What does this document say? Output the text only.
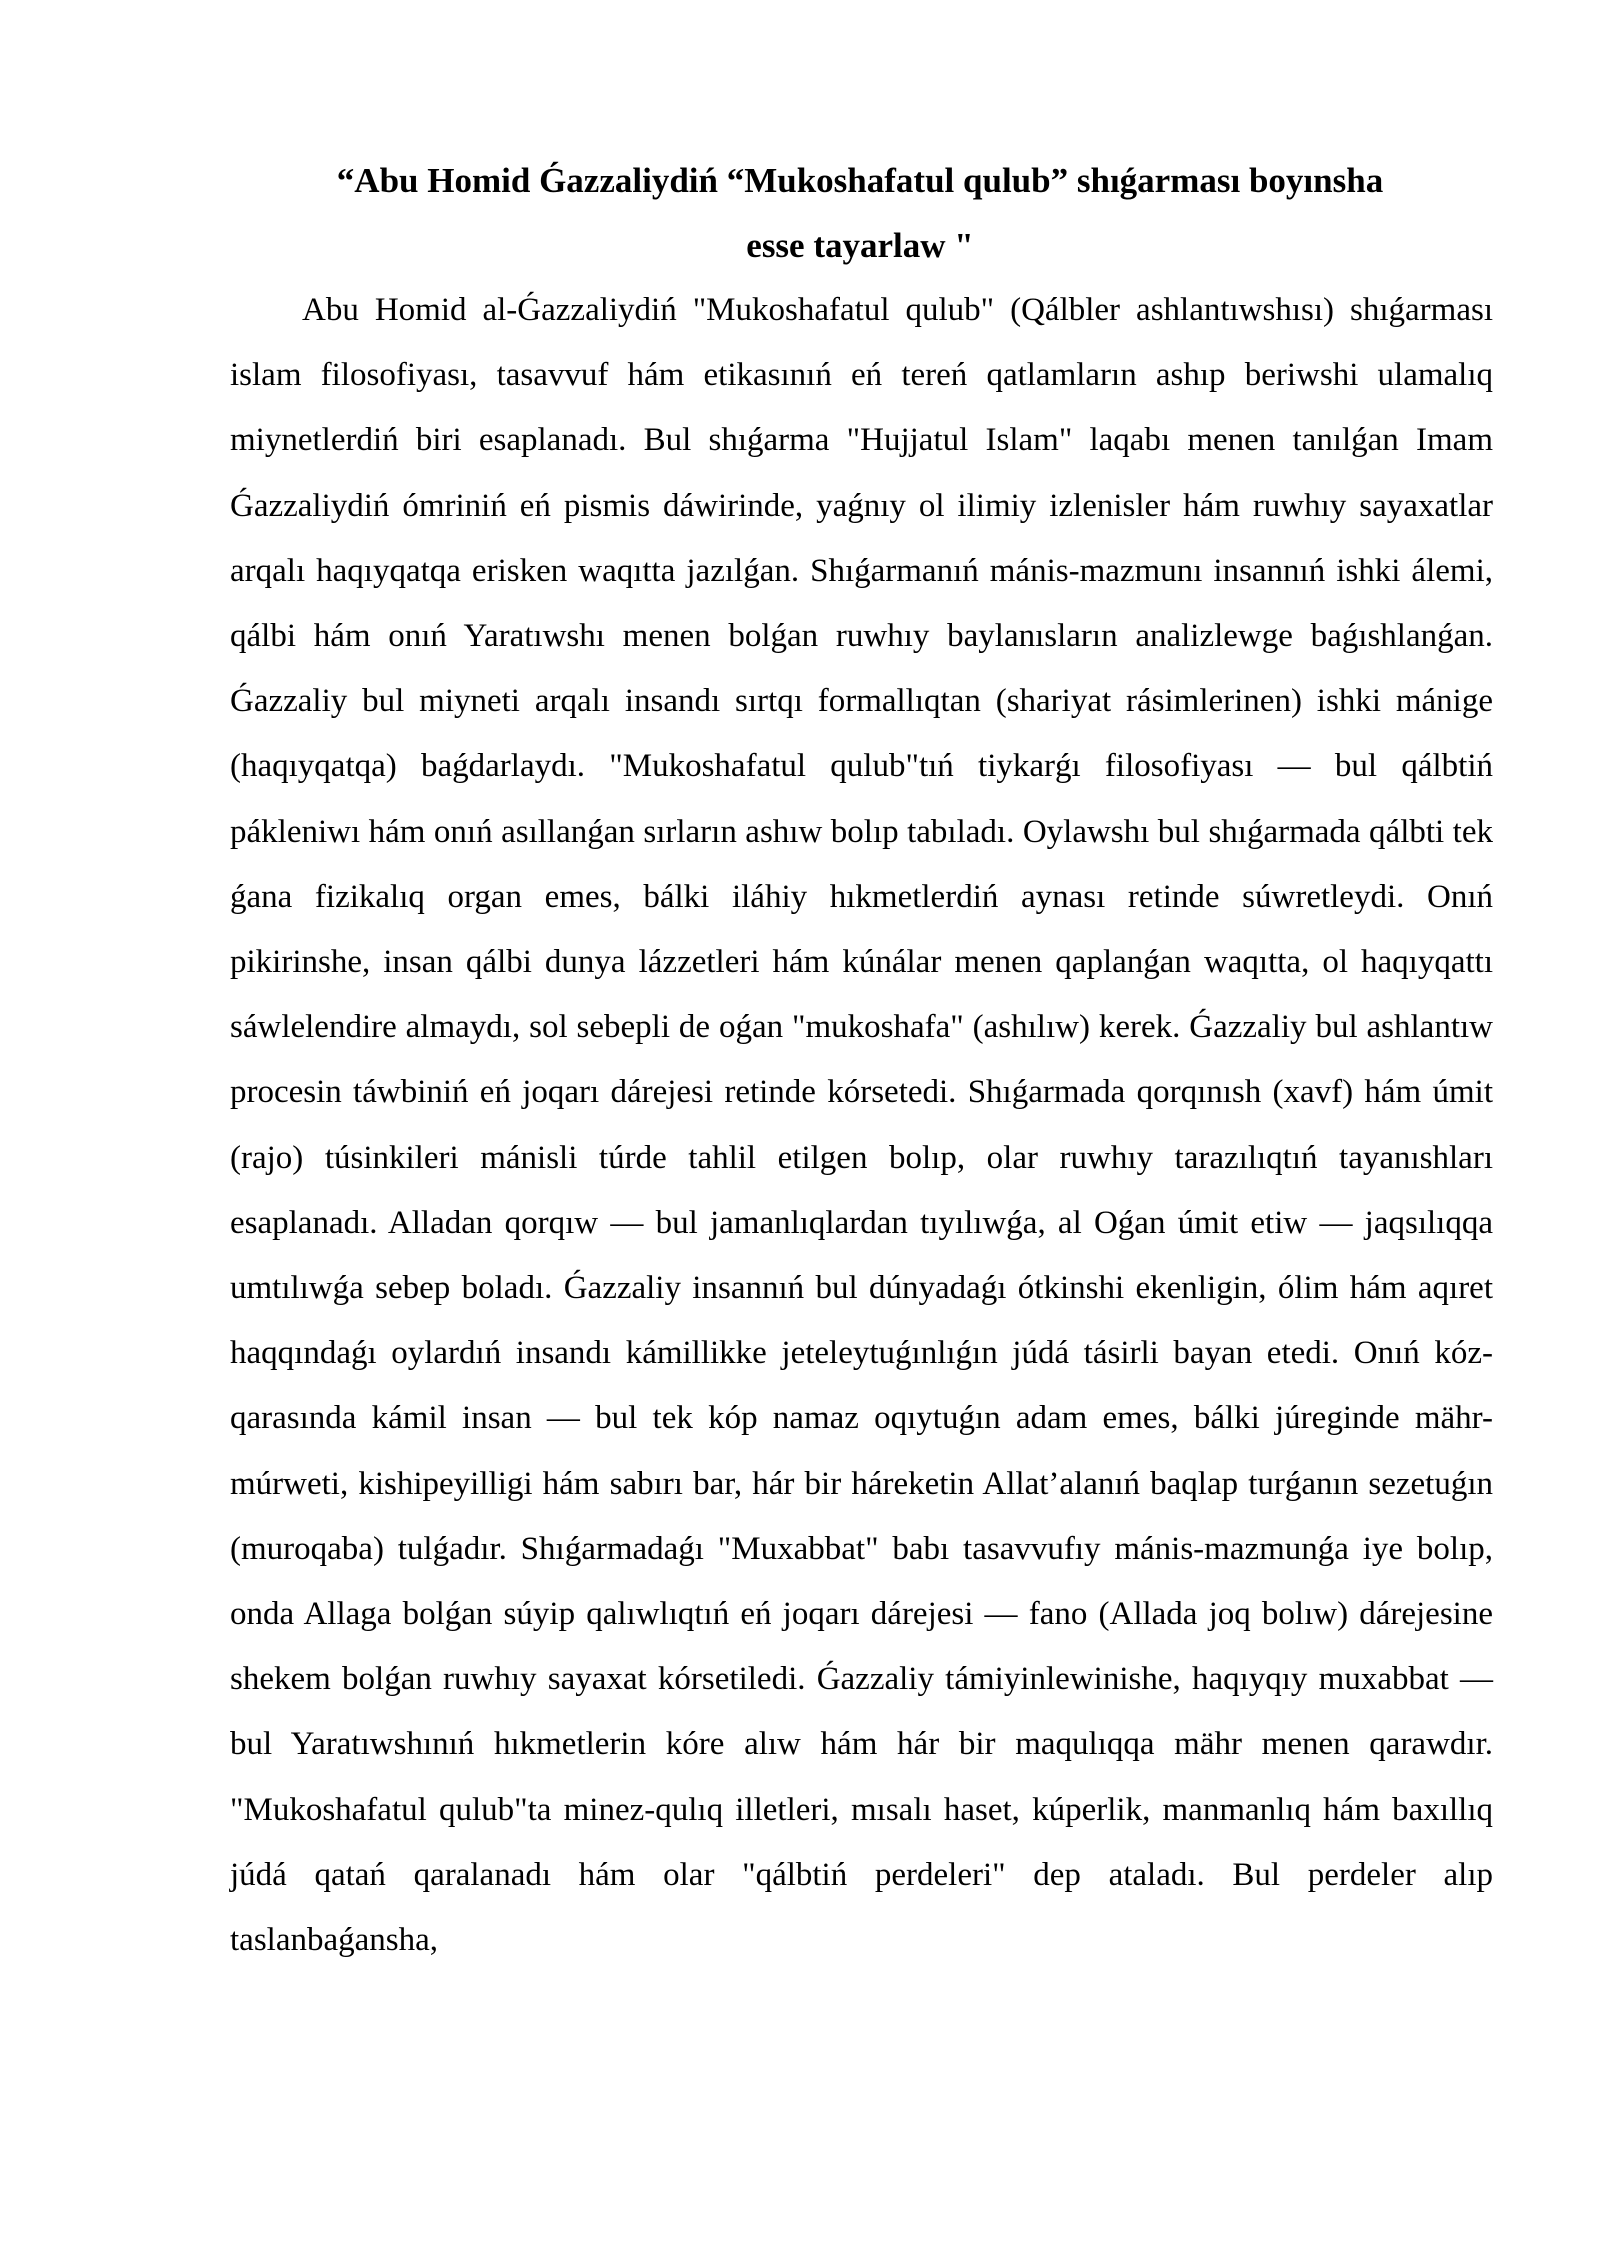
“Abu Homid Ǵazzaliydiń “Mukoshafatul qulub” shıǵarması boyınsha
esse tayarlaw "

Abu Homid al-Ǵazzaliydiń "Mukoshafatul qulub" (Qálbler ashlantıwshısı) shıǵarması islam filosofiyası, tasavvuf hám etikasınıń eń tereń qatlamların ashıp beriwshi ulamalıq miynetlerdiń biri esaplanadı. Bul shıǵarma "Hujjatul Islam" laqabı menen tanılǵan Imam Ǵazzaliydiń ómriniń eń pismis dáwirinde, yaǵnıy ol ilimiy izlenisler hám ruwhıy sayaxatlar arqalı haqıyqatqa erisken waqıtta jazılǵan. Shıǵarmanıń mánis-mazmunı insannıń ishki álemi, qálbi hám onıń Yaratıwshı menen bolǵan ruwhıy baylanısların analizlewge baǵıshlanǵan. Ǵazzaliy bul miyneti arqalı insandı sırtqı formallıqtan (shariyat rásimlerinen) ishki mánige (haqıyqatqa) baǵdarlaydı. "Mukoshafatul qulub"tıń tiykarǵı filosofiyası — bul qálbtiń pákleniwı hám onıń asıllanǵan sırların ashıw bolıp tabıladı. Oylawshı bul shıǵarmada qálbti tek ǵana fizikalıq organ emes, bálki iláhiy hıkmetlerdiń aynası retinde súwretleydi. Onıń pikirinshe, insan qálbi dunya lázzetleri hám kúnálar menen qaplanǵan waqıtta, ol haqıyqattı sáwlelendire almaydı, sol sebepli de oǵan "mukoshafa" (ashılıw) kerek. Ǵazzaliy bul ashlantıw procesin táwbiniń eń joqarı dárejesi retinde kórsetedi. Shıǵarmada qorqınısh (xavf) hám úmit (rajo) túsinkileri mánisli túrde tahlil etilgen bolıp, olar ruwhıy tarazılıqtıń tayanıshları esaplanadı. Alladan qorqıw — bul jamanlıqlardan tıyılıwǵa, al Oǵan úmit etiw — jaqsılıqqa umtılıwǵa sebep boladı. Ǵazzaliy insannıń bul dúnyadaǵı ótkinshi ekenligin, ólim hám aqıret haqqındaǵı oylardıń insandı kámillikke jeteleytuǵınlıǵın júdá tásirli bayan etedi. Onıń kóz-qarasında kámil insan — bul tek kóp namaz oqıytuǵın adam emes, bálki júreginde mähr-múrweti, kishipeyilligi hám sabırı bar, hár bir háreketin Allat’alanıń baqlap turǵanın sezetuǵın (muroqaba) tulǵadır. Shıǵarmadaǵı "Muxabbat" babı tasavvufıy mánis-mazmunǵa iye bolıp, onda Allaga bolǵan súyip qalıwlıqtıń eń joqarı dárejesi — fano (Allada joq bolıw) dárejesine shekem bolǵan ruwhıy sayaxat kórsetiledi. Ǵazzaliy támiyinlewinishe, haqıyqıy muxabbat — bul Yaratıwshınıń hıkmetlerin kóre alıw hám hár bir maqulıqqa mähr menen qarawdır. "Mukoshafatul qulub"ta minez-qulıq illetleri, mısalı haset, kúperlik, manmanlıq hám baxıllıq júdá qatań qaralanadı hám olar "qálbtiń perdeleri" dep ataladı. Bul perdeler alıp taslanbaǵansha,
